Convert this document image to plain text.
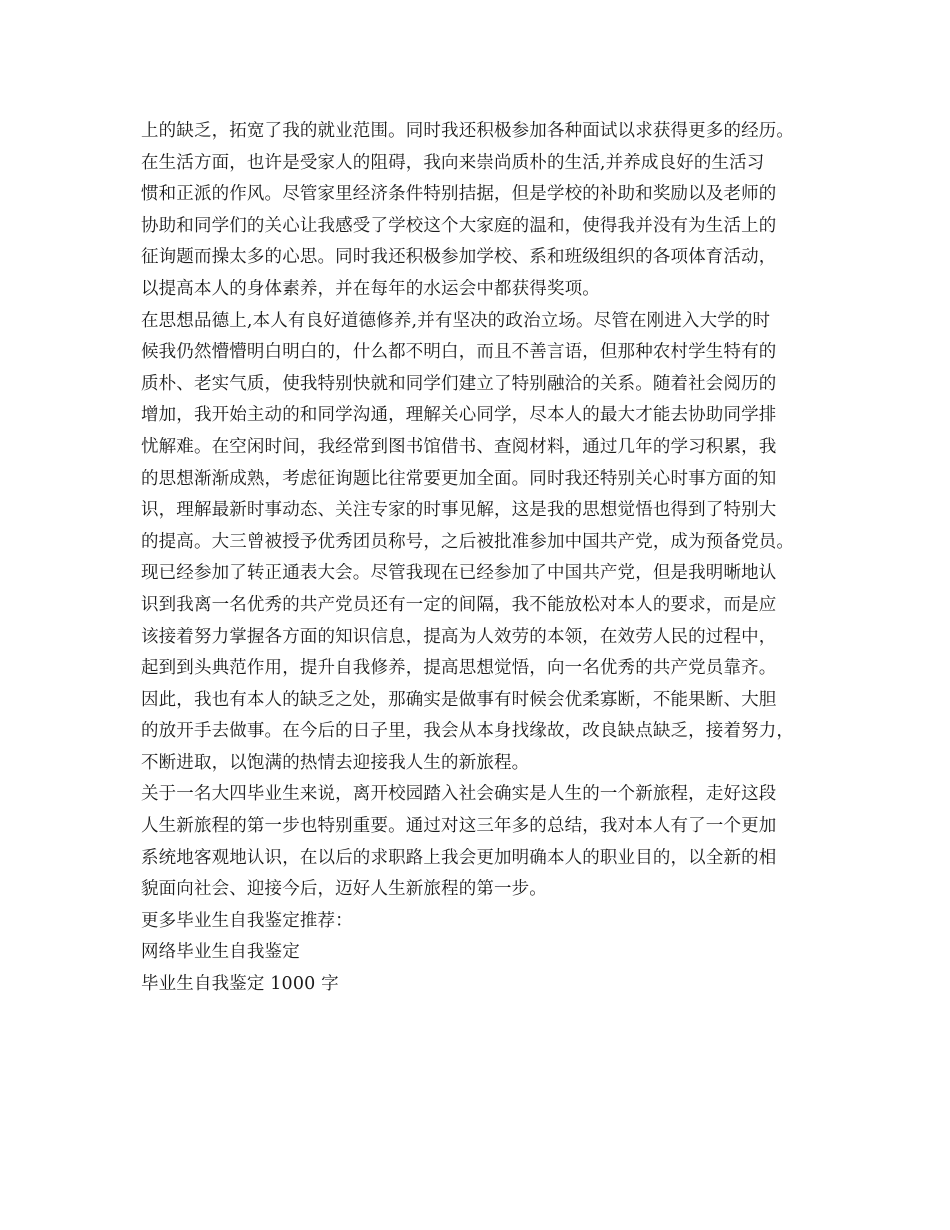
上的缺乏，拓宽了我的就业范围。同时我还积极参加各种面试以求获得更多的经历。
在生活方面，也许是受家人的阻碍，我向来崇尚质朴的生活,并养成良好的生活习
惯和正派的作风。尽管家里经济条件特别拮据，但是学校的补助和奖励以及老师的
协助和同学们的关心让我感受了学校这个大家庭的温和，使得我并没有为生活上的
征询题而操太多的心思。同时我还积极参加学校、系和班级组织的各项体育活动，
以提高本人的身体素养，并在每年的水运会中都获得奖项。
在思想品德上,本人有良好道德修养,并有坚决的政治立场。尽管在刚进入大学的时
候我仍然懵懵明白明白的，什么都不明白，而且不善言语，但那种农村学生特有的
质朴、老实气质，使我特别快就和同学们建立了特别融洽的关系。随着社会阅历的
增加，我开始主动的和同学沟通，理解关心同学，尽本人的最大才能去协助同学排
忧解难。在空闲时间，我经常到图书馆借书、查阅材料，通过几年的学习积累，我
的思想渐渐成熟，考虑征询题比往常要更加全面。同时我还特别关心时事方面的知
识，理解最新时事动态、关注专家的时事见解，这是我的思想觉悟也得到了特别大
的提高。大三曾被授予优秀团员称号，之后被批准参加中国共产党，成为预备党员。
现已经参加了转正通表大会。尽管我现在已经参加了中国共产党，但是我明晰地认
识到我离一名优秀的共产党员还有一定的间隔，我不能放松对本人的要求，而是应
该接着努力掌握各方面的知识信息，提高为人效劳的本领，在效劳人民的过程中，
起到到头典范作用，提升自我修养，提高思想觉悟，向一名优秀的共产党员靠齐。
因此，我也有本人的缺乏之处，那确实是做事有时候会优柔寡断，不能果断、大胆
的放开手去做事。在今后的日子里，我会从本身找缘故，改良缺点缺乏，接着努力，
不断进取，以饱满的热情去迎接我人生的新旅程。
关于一名大四毕业生来说，离开校园踏入社会确实是人生的一个新旅程，走好这段
人生新旅程的第一步也特别重要。通过对这三年多的总结，我对本人有了一个更加
系统地客观地认识，在以后的求职路上我会更加明确本人的职业目的，以全新的相
貌面向社会、迎接今后，迈好人生新旅程的第一步。
更多毕业生自我鉴定推荐：
网络毕业生自我鉴定
毕业生自我鉴定 1000 字
